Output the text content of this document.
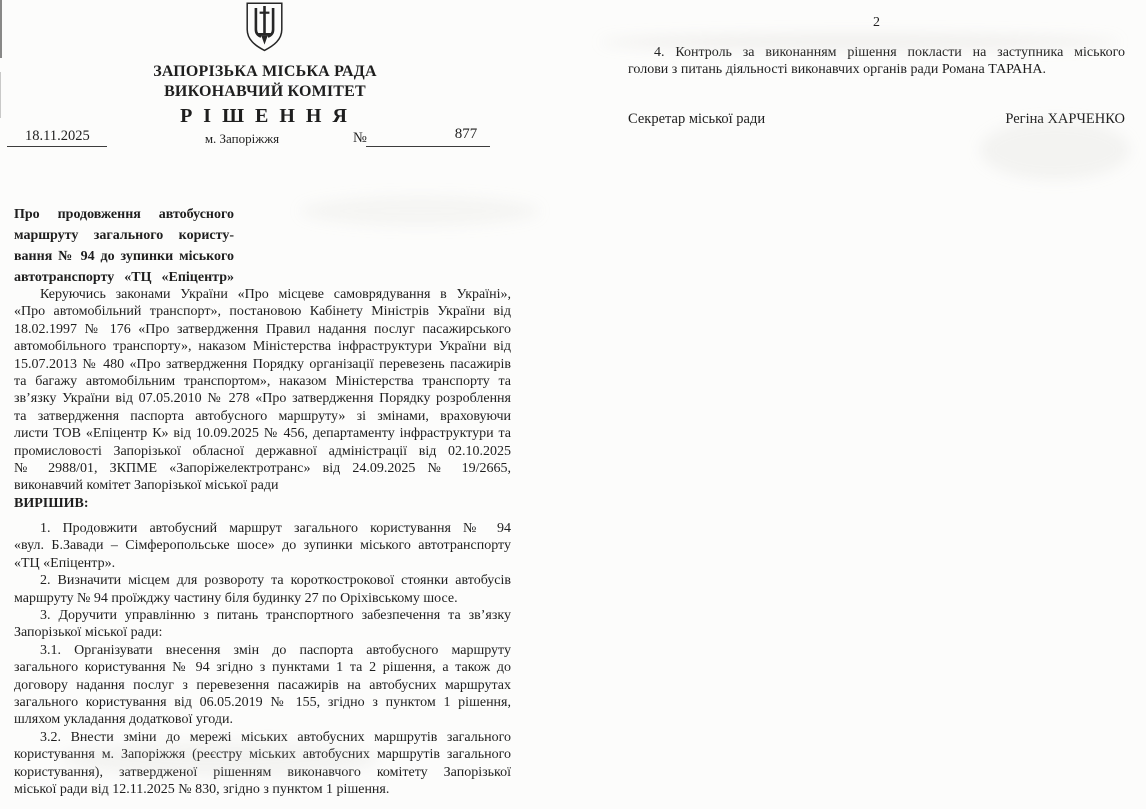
ЗАПОРІЗЬКА МІСЬКА РАДА
ВИКОНАВЧИЙ КОМІТЕТ
Р І Ш Е Н Н Я
18.11.2025	м. Запоріжжя	№	877
Про продовження автобусного
маршруту загального користу-
вання № 94 до зупинки міського
автотранспорту «ТЦ «Епіцентр»
Керуючись законами України «Про місцеве самоврядування в Україні»,
«Про автомобільний транспорт», постановою Кабінету Міністрів України від
18.02.1997 № 176 «Про затвердження Правил надання послуг пасажирського
автомобільного транспорту», наказом Міністерства інфраструктури України від
15.07.2013 № 480 «Про затвердження Порядку організації перевезень пасажирів
та багажу автомобільним транспортом», наказом Міністерства транспорту та
зв’язку України від 07.05.2010 № 278 «Про затвердження Порядку розроблення
та затвердження паспорта автобусного маршруту» зі змінами, враховуючи
листи ТОВ «Епіцентр К» від 10.09.2025 № 456, департаменту інфраструктури та
промисловості Запорізької обласної державної адміністрації від 02.10.2025
№ 2988/01, ЗКПМЕ «Запоріжелектротранс» від 24.09.2025 № 19/2665,
виконавчий комітет Запорізької міської ради
ВИРІШИВ:
1. Продовжити автобусний маршрут загального користування № 94
«вул. Б.Завади – Сімферопольське шосе» до зупинки міського автотранспорту
«ТЦ «Епіцентр».
2. Визначити місцем для розвороту та короткострокової стоянки автобусів
маршруту № 94 проїжджу частину біля будинку 27 по Оріхівському шосе.
3. Доручити управлінню з питань транспортного забезпечення та зв’язку
Запорізької міської ради:
3.1. Організувати внесення змін до паспорта автобусного маршруту
загального користування № 94 згідно з пунктами 1 та 2 рішення, а також до
договору надання послуг з перевезення пасажирів на автобусних маршрутах
загального користування від 06.05.2019 № 155, згідно з пунктом 1 рішення,
шляхом укладання додаткової угоди.
3.2. Внести зміни до мережі міських автобусних маршрутів загального
користування м. Запоріжжя (реєстру міських автобусних маршрутів загального
користування), затвердженої рішенням виконавчого комітету Запорізької
міської ради від 12.11.2025 № 830, згідно з пунктом 1 рішення.
2
4. Контроль за виконанням рішення покласти на заступника міського
голови з питань діяльності виконавчих органів ради Романа ТАРАНА.
Секретар міської ради	Регіна ХАРЧЕНКО
